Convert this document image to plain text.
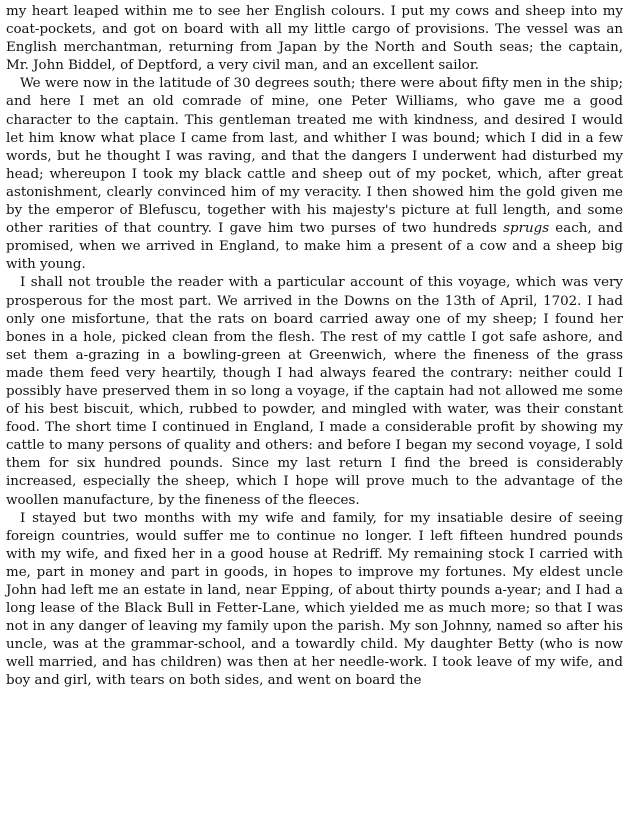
my heart leaped within me to see her English colours. I put my cows and sheep into my coat-pockets, and got on board with all my little cargo of provisions. The vessel was an English merchantman, returning from Japan by the North and South seas; the captain, Mr. John Biddel, of Deptford, a very civil man, and an excellent sailor.

We were now in the latitude of 30 degrees south; there were about fifty men in the ship; and here I met an old comrade of mine, one Peter Williams, who gave me a good character to the captain. This gentleman treated me with kindness, and desired I would let him know what place I came from last, and whither I was bound; which I did in a few words, but he thought I was raving, and that the dangers I underwent had disturbed my head; whereupon I took my black cattle and sheep out of my pocket, which, after great astonishment, clearly convinced him of my veracity. I then showed him the gold given me by the emperor of Blefuscu, together with his majesty's picture at full length, and some other rarities of that country. I gave him two purses of two hundreds sprugs each, and promised, when we arrived in England, to make him a present of a cow and a sheep big with young.

I shall not trouble the reader with a particular account of this voyage, which was very prosperous for the most part. We arrived in the Downs on the 13th of April, 1702. I had only one misfortune, that the rats on board carried away one of my sheep; I found her bones in a hole, picked clean from the flesh. The rest of my cattle I got safe ashore, and set them a-grazing in a bowling-green at Greenwich, where the fineness of the grass made them feed very heartily, though I had always feared the contrary: neither could I possibly have preserved them in so long a voyage, if the captain had not allowed me some of his best biscuit, which, rubbed to powder, and mingled with water, was their constant food. The short time I continued in England, I made a considerable profit by showing my cattle to many persons of quality and others: and before I began my second voyage, I sold them for six hundred pounds. Since my last return I find the breed is considerably increased, especially the sheep, which I hope will prove much to the advantage of the woollen manufacture, by the fineness of the fleeces.

I stayed but two months with my wife and family, for my insatiable desire of seeing foreign countries, would suffer me to continue no longer. I left fifteen hundred pounds with my wife, and fixed her in a good house at Redriff. My remaining stock I carried with me, part in money and part in goods, in hopes to improve my fortunes. My eldest uncle John had left me an estate in land, near Epping, of about thirty pounds a-year; and I had a long lease of the Black Bull in Fetter-Lane, which yielded me as much more; so that I was not in any danger of leaving my family upon the parish. My son Johnny, named so after his uncle, was at the grammar-school, and a towardly child. My daughter Betty (who is now well married, and has children) was then at her needle-work. I took leave of my wife, and boy and girl, with tears on both sides, and went on board the
